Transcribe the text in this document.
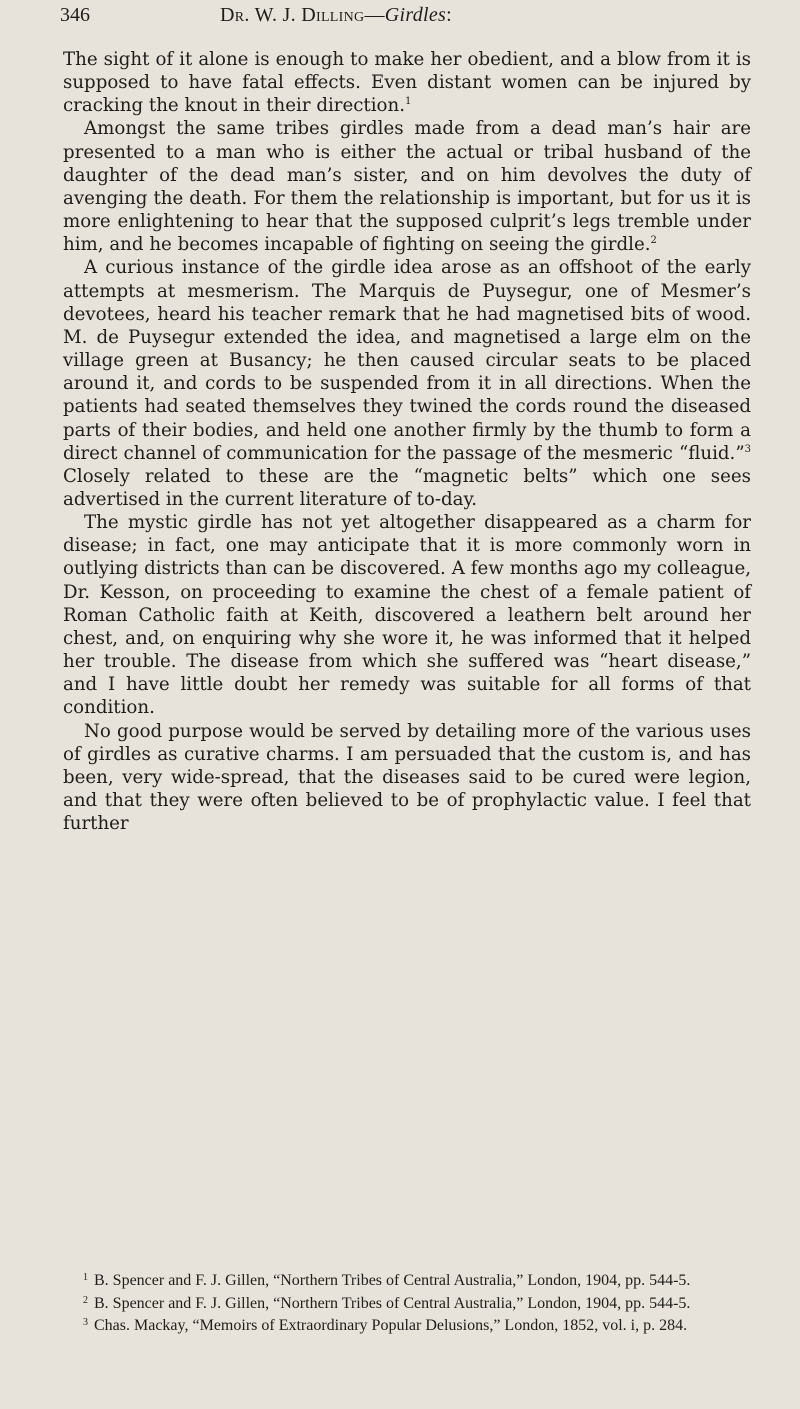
346	Dr. W. J. Dilling—Girdles:

The sight of it alone is enough to make her obedient, and a blow from it is supposed to have fatal effects. Even distant women can be injured by cracking the knout in their direction.$^1$

Amongst the same tribes girdles made from a dead man’s hair are presented to a man who is either the actual or tribal husband of the daughter of the dead man’s sister, and on him devolves the duty of avenging the death. For them the relationship is important, but for us it is more enlightening to hear that the supposed culprit’s legs tremble under him, and he becomes incapable of fighting on seeing the girdle.$^2$

A curious instance of the girdle idea arose as an offshoot of the early attempts at mesmerism. The Marquis de Puysegur, one of Mesmer’s devotees, heard his teacher remark that he had magnetised bits of wood. M. de Puysegur extended the idea, and magnetised a large elm on the village green at Busancy; he then caused circular seats to be placed around it, and cords to be suspended from it in all directions. When the patients had seated themselves they twined the cords round the diseased parts of their bodies, and held one another firmly by the thumb to form a direct channel of communication for the passage of the mesmeric “fluid.”$^3$ Closely related to these are the “magnetic belts” which one sees advertised in the current literature of to-day.

The mystic girdle has not yet altogether disappeared as a charm for disease; in fact, one may anticipate that it is more commonly worn in outlying districts than can be discovered. A few months ago my colleague, Dr. Kesson, on proceeding to examine the chest of a female patient of Roman Catholic faith at Keith, discovered a leathern belt around her chest, and, on enquiring why she wore it, he was informed that it helped her trouble. The disease from which she suffered was “heart disease,” and I have little doubt her remedy was suitable for all forms of that condition.

No good purpose would be served by detailing more of the various uses of girdles as curative charms. I am persuaded that the custom is, and has been, very wide-spread, that the diseases said to be cured were legion, and that they were often believed to be of prophylactic value. I feel that further

$^1$ B. Spencer and F. J. Gillen, “Northern Tribes of Central Australia,” London, 1904, pp. 544-5.

$^2$ B. Spencer and F. J. Gillen, “Northern Tribes of Central Australia,” London, 1904, pp. 544-5.

$^3$ Chas. Mackay, “Memoirs of Extraordinary Popular Delusions,” London, 1852, vol. i, p. 284.
